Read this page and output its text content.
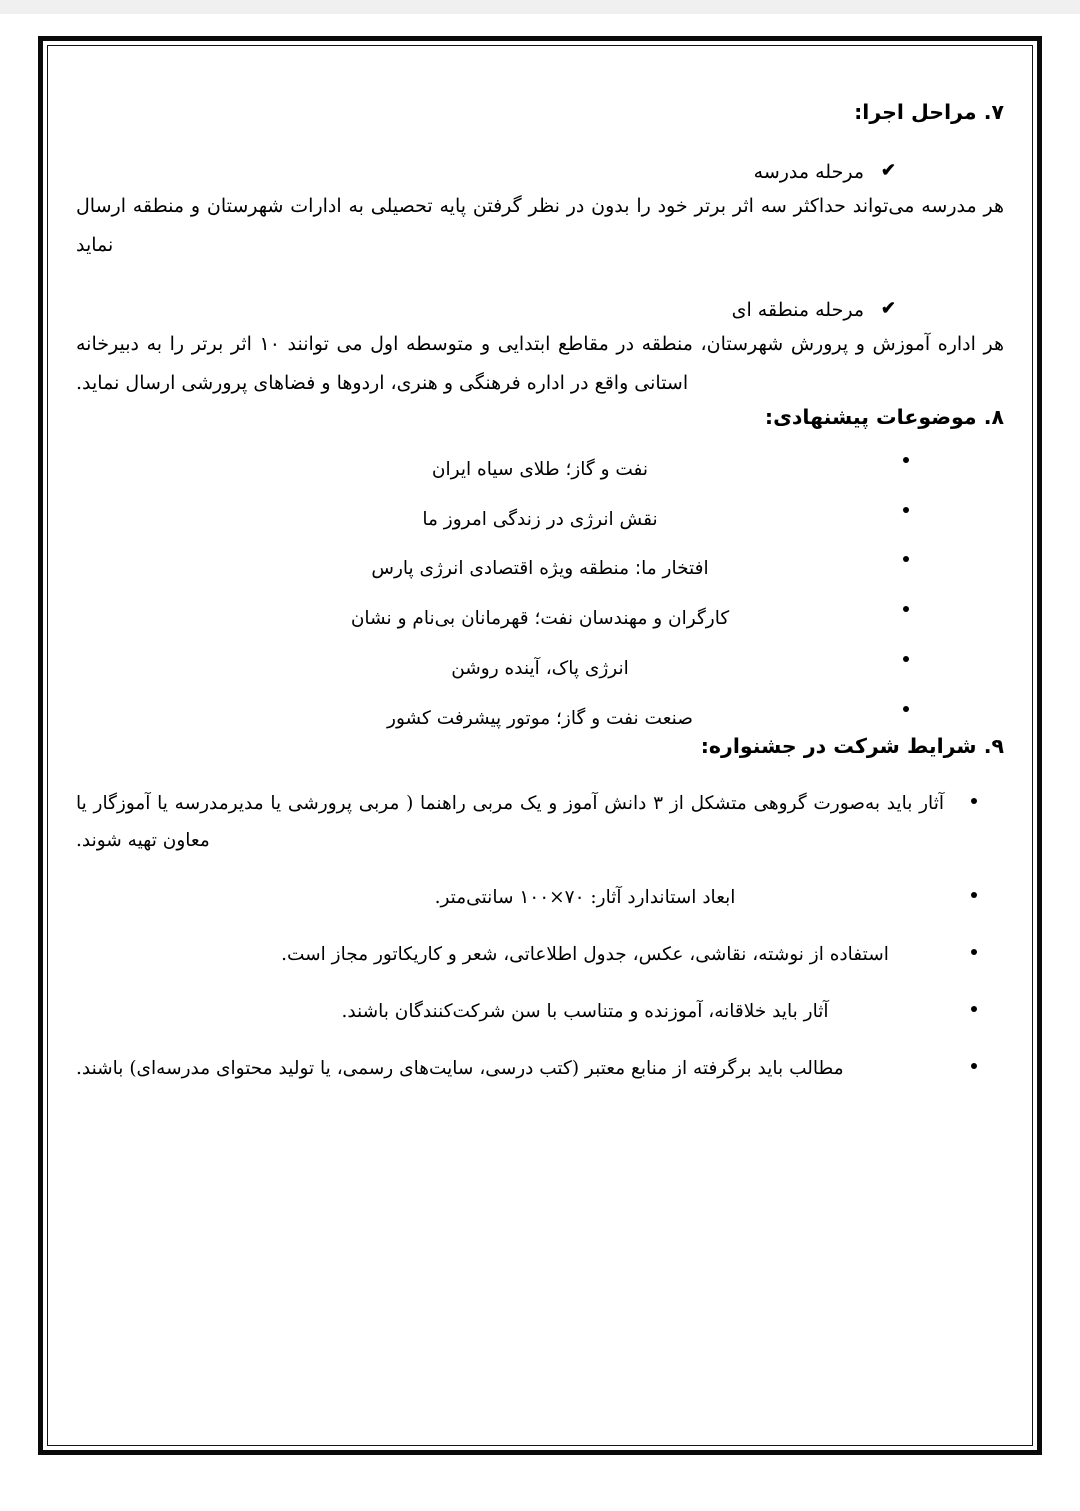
۷. مراحل اجرا:
✔
مرحله مدرسه

هر مدرسه می‌تواند حداکثر سه اثر برتر خود را بدون در نظر گرفتن پایه تحصیلی به ادارات شهرستان و منطقه ارسال نماید

✔
مرحله منطقه ای

هر اداره آموزش و پرورش شهرستان، منطقه در مقاطع ابتدایی و متوسطه اول می توانند ۱۰ اثر برتر را به دبیرخانه استانی واقع در اداره فرهنگی و هنری، اردوها و فضاهای پرورشی ارسال نماید.

۸. موضوعات پیشنهادی:
نفت و گاز؛ طلای سیاه ایران
نقش انرژی در زندگی امروز ما
افتخار ما: منطقه ویژه اقتصادی انرژی پارس
کارگران و مهندسان نفت؛ قهرمانان بی‌نام و نشان
انرژی پاک، آینده روشن
صنعت نفت و گاز؛ موتور پیشرفت کشور
۹. شرایط شرکت در جشنواره:
آثار باید به‌صورت گروهی متشکل از ۳ دانش آموز و یک مربی راهنما ( مربی پرورشی یا مدیرمدرسه یا آموزگار یا معاون تهیه شوند.
ابعاد استاندارد آثار: ۷۰×۱۰۰ سانتی‌متر.
استفاده از نوشته، نقاشی، عکس، جدول اطلاعاتی، شعر و کاریکاتور مجاز است.
آثار باید خلاقانه، آموزنده و متناسب با سن شرکت‌کنندگان باشند.
مطالب باید برگرفته از منابع معتبر (کتب درسی، سایت‌های رسمی، یا تولید محتوای مدرسه‌ای) باشند.
